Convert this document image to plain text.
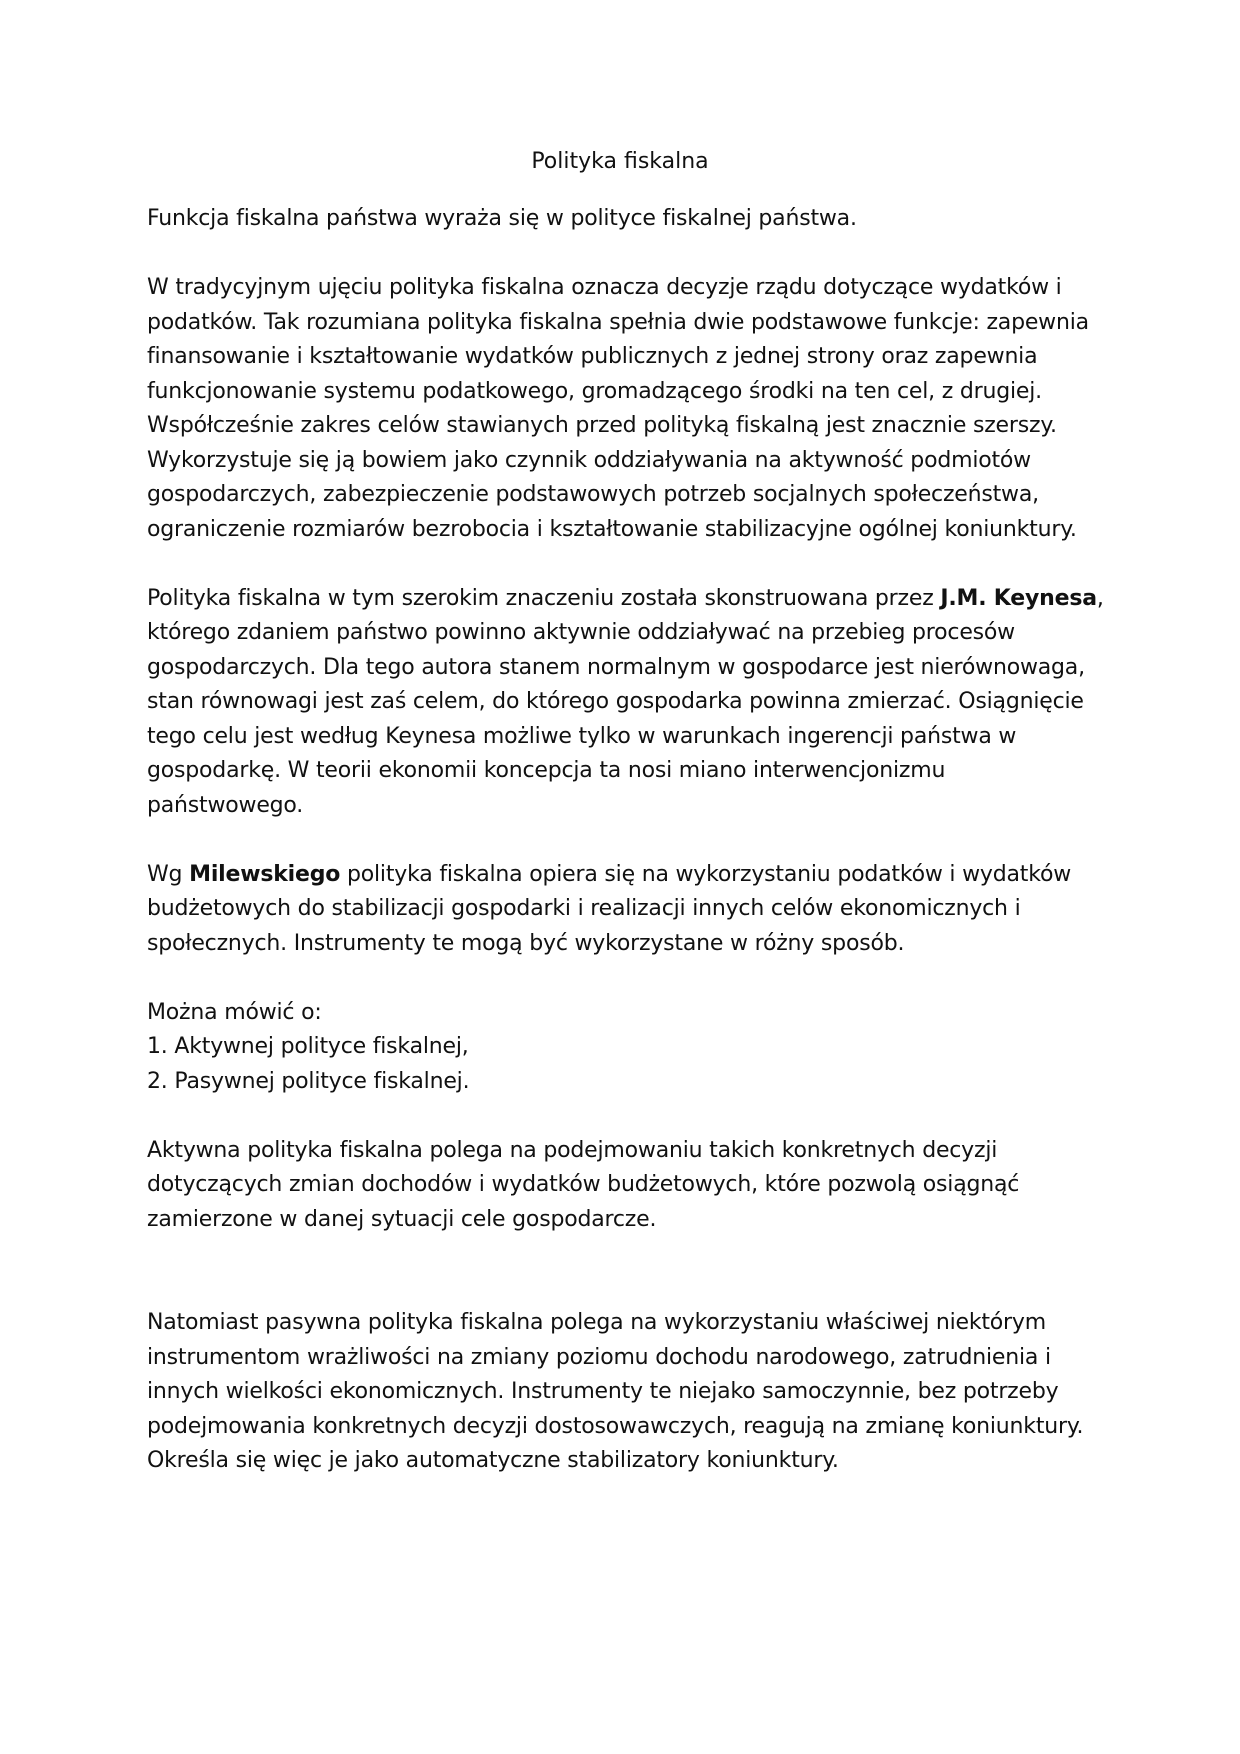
Polityka fiskalna

Funkcja fiskalna państwa wyraża się w polityce fiskalnej państwa.

W tradycyjnym ujęciu polityka fiskalna oznacza decyzje rządu dotyczące wydatków i podatków. Tak rozumiana polityka fiskalna spełnia dwie podstawowe funkcje: zapewnia finansowanie i kształtowanie wydatków publicznych z jednej strony oraz zapewnia funkcjonowanie systemu podatkowego, gromadzącego środki na ten cel, z drugiej.

Współcześnie zakres celów stawianych przed polityką fiskalną jest znacznie szerszy. Wykorzystuje się ją bowiem jako czynnik oddziaływania na aktywność podmiotów gospodarczych, zabezpieczenie podstawowych potrzeb socjalnych społeczeństwa, ograniczenie rozmiarów bezrobocia i kształtowanie stabilizacyjne ogólnej koniunktury.

Polityka fiskalna w tym szerokim znaczeniu została skonstruowana przez J.M. Keynesa, którego zdaniem państwo powinno aktywnie oddziaływać na przebieg procesów gospodarczych. Dla tego autora stanem normalnym w gospodarce jest nierównowaga, stan równowagi jest zaś celem, do którego gospodarka powinna zmierzać. Osiągnięcie tego celu jest według Keynesa możliwe tylko w warunkach ingerencji państwa w gospodarkę. W teorii ekonomii koncepcja ta nosi miano interwencjonizmu państwowego.

Wg Milewskiego polityka fiskalna opiera się na wykorzystaniu podatków i wydatków budżetowych do stabilizacji gospodarki i realizacji innych celów ekonomicznych i społecznych. Instrumenty te mogą być wykorzystane w różny sposób.

Można mówić o:

1. Aktywnej polityce fiskalnej,

2. Pasywnej polityce fiskalnej.

Aktywna polityka fiskalna polega na podejmowaniu takich konkretnych decyzji dotyczących zmian dochodów i wydatków budżetowych, które pozwolą osiągnąć zamierzone w danej sytuacji cele gospodarcze.

Natomiast pasywna polityka fiskalna polega na wykorzystaniu właściwej niektórym instrumentom wrażliwości na zmiany poziomu dochodu narodowego, zatrudnienia i innych wielkości ekonomicznych. Instrumenty te niejako samoczynnie, bez potrzeby podejmowania konkretnych decyzji dostosowawczych, reagują na zmianę koniunktury.

Określa się więc je jako automatyczne stabilizatory koniunktury.
